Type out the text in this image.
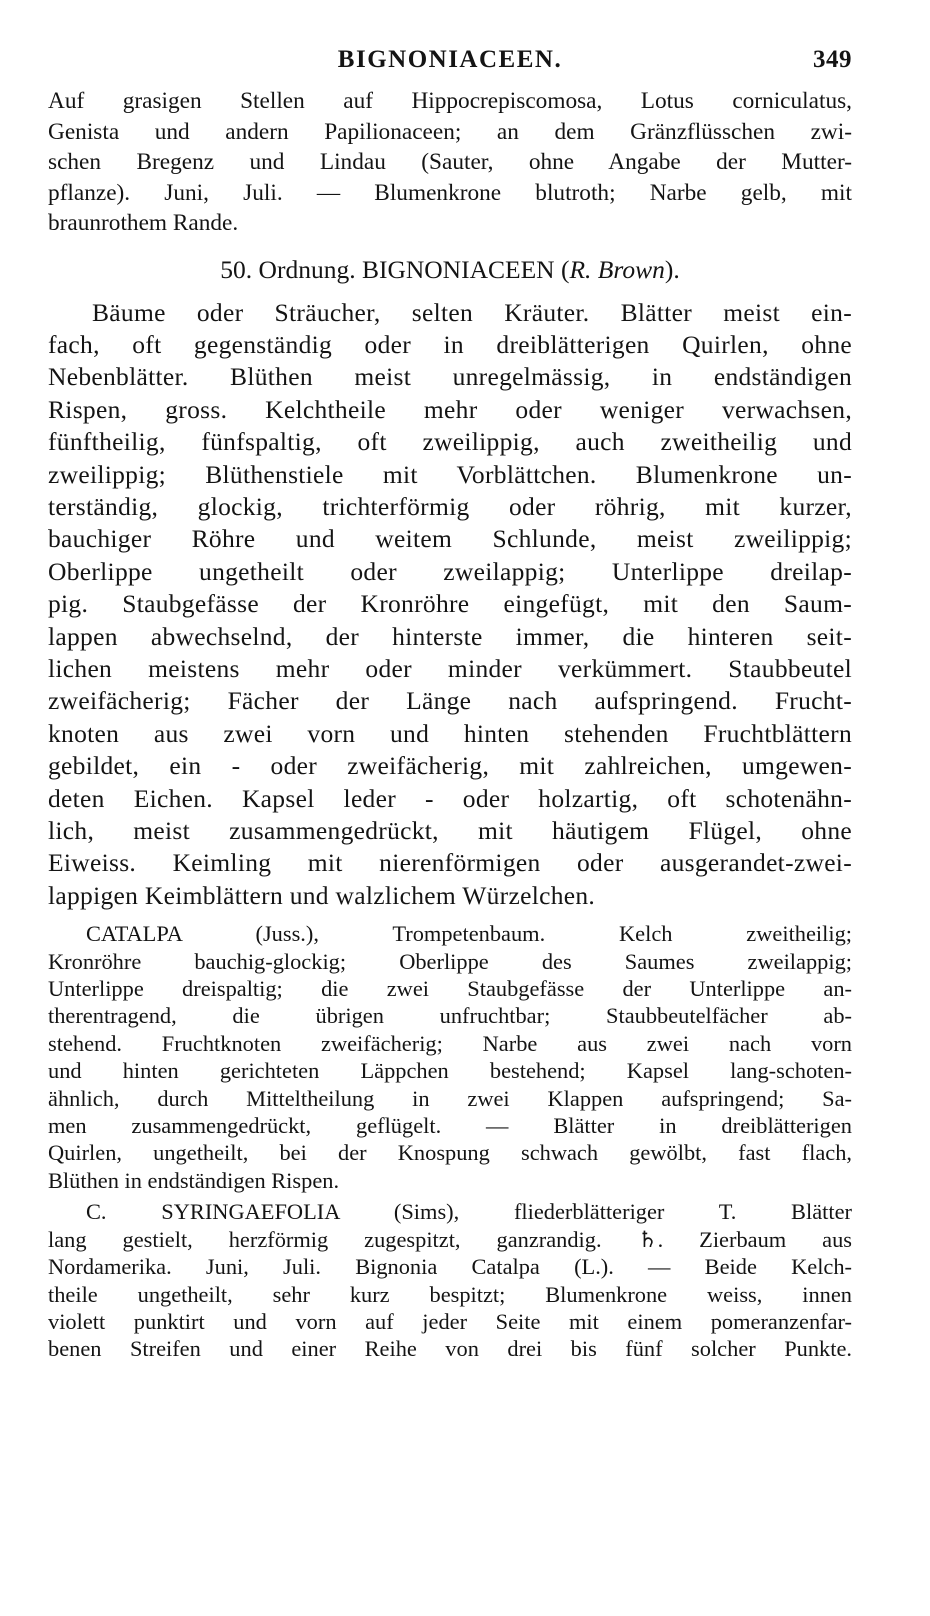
BIGNONIACEEN.	349
Auf grasigen Stellen auf Hippocrepiscomosa, Lotus corniculatus,
Genista und andern Papilionaceen; an dem Gränzflüsschen zwi-
schen Bregenz und Lindau (Sauter, ohne Angabe der Mutter-
pflanze). Juni, Juli. — Blumenkrone blutroth; Narbe gelb, mit
braunrothem Rande.
50. Ordnung. BIGNONIACEEN (R. Brown).
Bäume oder Sträucher, selten Kräuter. Blätter meist ein-
fach, oft gegenständig oder in dreiblätterigen Quirlen, ohne
Nebenblätter. Blüthen meist unregelmässig, in endständigen
Rispen, gross. Kelchtheile mehr oder weniger verwachsen,
fünftheilig, fünfspaltig, oft zweilippig, auch zweitheilig und
zweilippig; Blüthenstiele mit Vorblättchen. Blumenkrone un-
terständig, glockig, trichterförmig oder röhrig, mit kurzer,
bauchiger Röhre und weitem Schlunde, meist zweilippig;
Oberlippe ungetheilt oder zweilappig; Unterlippe dreilap-
pig. Staubgefässe der Kronröhre eingefügt, mit den Saum-
lappen abwechselnd, der hinterste immer, die hinteren seit-
lichen meistens mehr oder minder verkümmert. Staubbeutel
zweifächerig; Fächer der Länge nach aufspringend. Frucht-
knoten aus zwei vorn und hinten stehenden Fruchtblättern
gebildet, ein - oder zweifächerig, mit zahlreichen, umgewen-
deten Eichen. Kapsel leder - oder holzartig, oft schotenähn-
lich, meist zusammengedrückt, mit häutigem Flügel, ohne
Eiweiss. Keimling mit nierenförmigen oder ausgerandet-zwei-
lappigen Keimblättern und walzlichem Würzelchen.
CATALPA (Juss.), Trompetenbaum. Kelch zweitheilig;
Kronröhre bauchig-glockig; Oberlippe des Saumes zweilappig;
Unterlippe dreispaltig; die zwei Staubgefässe der Unterlippe an-
therentragend, die übrigen unfruchtbar; Staubbeutelfächer ab-
stehend. Fruchtknoten zweifächerig; Narbe aus zwei nach vorn
und hinten gerichteten Läppchen bestehend; Kapsel lang-schoten-
ähnlich, durch Mitteltheilung in zwei Klappen aufspringend; Sa-
men zusammengedrückt, geflügelt. — Blätter in dreiblätterigen
Quirlen, ungetheilt, bei der Knospung schwach gewölbt, fast flach,
Blüthen in endständigen Rispen.
C. SYRINGAEFOLIA (Sims), fliederblätteriger T. Blätter
lang gestielt, herzförmig zugespitzt, ganzrandig. ♄. Zierbaum aus
Nordamerika. Juni, Juli. Bignonia Catalpa (L.). — Beide Kelch-
theile ungetheilt, sehr kurz bespitzt; Blumenkrone weiss, innen
violett punktirt und vorn auf jeder Seite mit einem pomeranzenfar-
benen Streifen und einer Reihe von drei bis fünf solcher Punkte.
